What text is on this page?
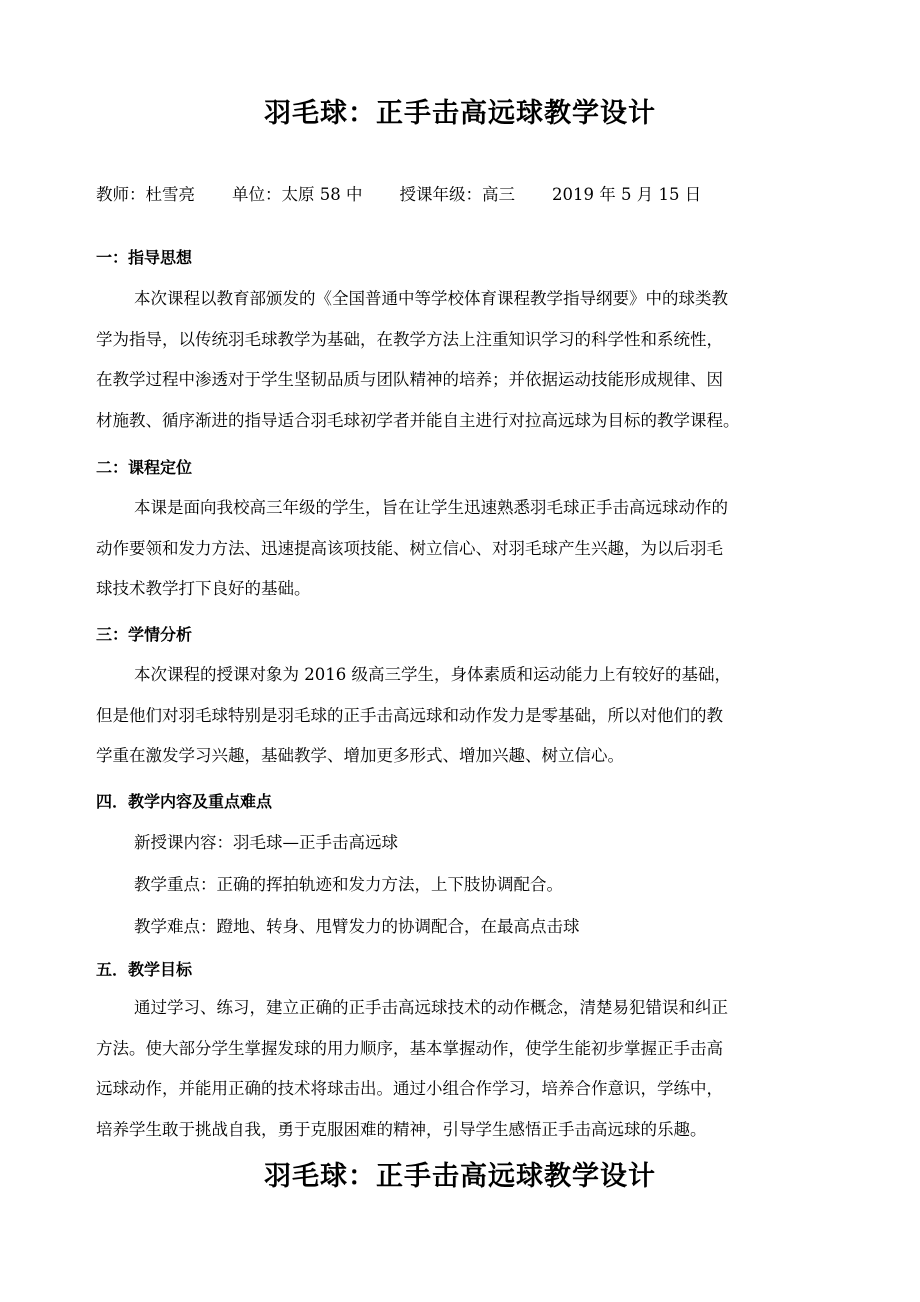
羽毛球：正手击高远球教学设计
教师：杜雪亮 单位：太原 58 中 授课年级：高三 2019 年 5 月 15 日
一：指导思想
本次课程以教育部颁发的《全国普通中等学校体育课程教学指导纲要》中的球类教
学为指导，以传统羽毛球教学为基础，在教学方法上注重知识学习的科学性和系统性，
在教学过程中渗透对于学生坚韧品质与团队精神的培养；并依据运动技能形成规律、因
材施教、循序渐进的指导适合羽毛球初学者并能自主进行对拉高远球为目标的教学课程。
二：课程定位
本课是面向我校高三年级的学生，旨在让学生迅速熟悉羽毛球正手击高远球动作的
动作要领和发力方法、迅速提高该项技能、树立信心、对羽毛球产生兴趣，为以后羽毛
球技术教学打下良好的基础。
三：学情分析
本次课程的授课对象为 2016 级高三学生，身体素质和运动能力上有较好的基础，
但是他们对羽毛球特别是羽毛球的正手击高远球和动作发力是零基础，所以对他们的教
学重在激发学习兴趣，基础教学、增加更多形式、增加兴趣、树立信心。
四．教学内容及重点难点
新授课内容：羽毛球—正手击高远球
教学重点：正确的挥拍轨迹和发力方法，上下肢协调配合。
教学难点：蹬地、转身、甩臂发力的协调配合，在最高点击球
五．教学目标
通过学习、练习，建立正确的正手击高远球技术的动作概念，清楚易犯错误和纠正
方法。使大部分学生掌握发球的用力顺序，基本掌握动作，使学生能初步掌握正手击高
远球动作，并能用正确的技术将球击出。通过小组合作学习，培养合作意识，学练中，
培养学生敢于挑战自我，勇于克服困难的精神，引导学生感悟正手击高远球的乐趣。
羽毛球：正手击高远球教学设计
